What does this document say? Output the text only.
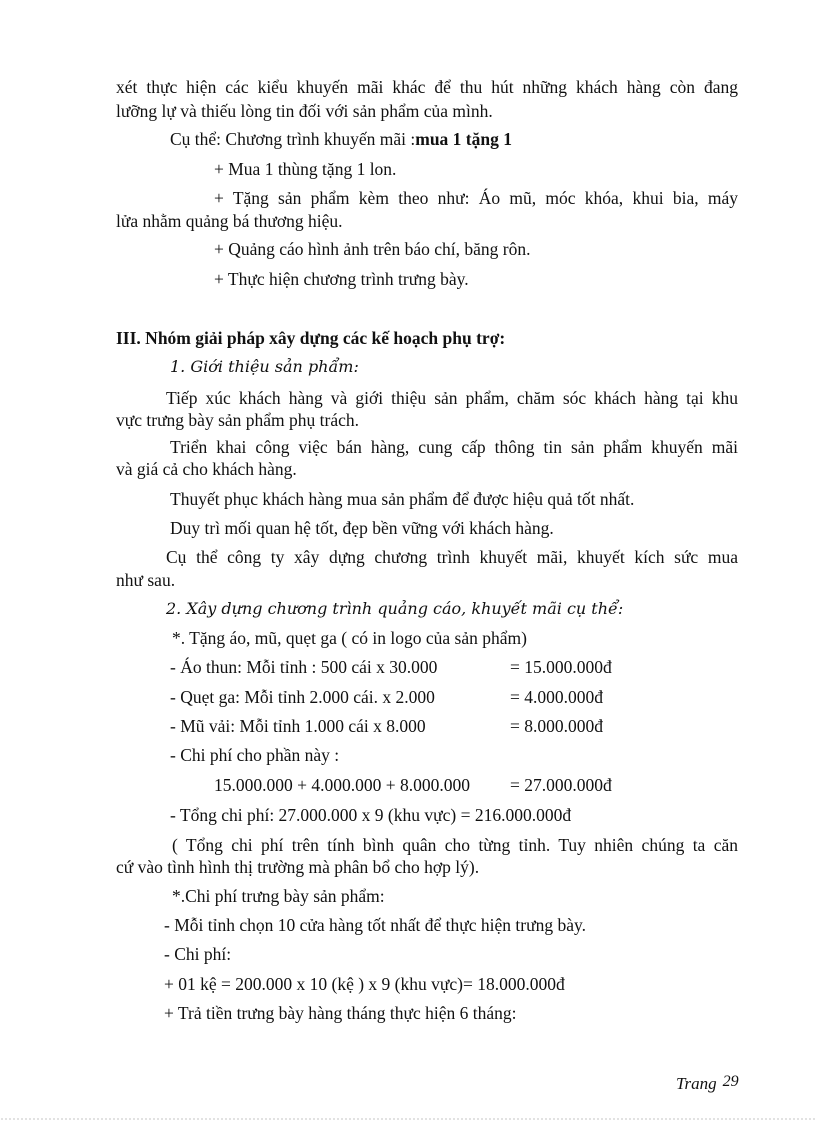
xét thực hiện các kiểu khuyến mãi khác để thu hút những khách hàng còn đang
lưỡng lự và thiếu lòng tin đối với sản phẩm của mình.
Cụ thể: Chương trình khuyến mãi :mua 1 tặng 1
+ Mua 1 thùng tặng 1 lon.
+ Tặng sản phẩm kèm theo như: Áo mũ, móc khóa, khui bia, máy
lửa nhằm quảng bá thương hiệu.
+ Quảng cáo hình ảnh trên báo chí, băng rôn.
+ Thực hiện chương trình trưng bày.
III. Nhóm giải pháp xây dựng các kế hoạch phụ trợ:
1. Giới thiệu sản phẩm:
Tiếp xúc khách hàng và giới thiệu sản phẩm, chăm sóc khách hàng tại khu
vực trưng bày sản phẩm phụ trách.
Triển khai công việc bán hàng, cung cấp thông tin sản phẩm khuyến mãi
và giá cả cho khách hàng.
Thuyết phục khách hàng mua sản phẩm để được hiệu quả tốt nhất.
Duy trì mối quan hệ tốt, đẹp bền vững với khách hàng.
Cụ thể công ty xây dựng chương trình khuyết mãi, khuyết kích sức mua
như sau.
2. Xây dựng chương trình quảng cáo, khuyết mãi cụ thể:
*. Tặng áo, mũ, quẹt ga ( có in logo của sản phẩm)
- Áo thun: Mỗi tỉnh : 500 cái x 30.000	= 15.000.000đ
- Quẹt ga: Mỗi tỉnh 2.000 cái. x 2.000	= 4.000.000đ
- Mũ vải: Mỗi tỉnh 1.000 cái x 8.000	= 8.000.000đ
- Chi phí cho phần này :
15.000.000 + 4.000.000 + 8.000.000 = 27.000.000đ
- Tổng chi phí: 27.000.000 x 9 (khu vực) = 216.000.000đ
( Tổng chi phí trên tính bình quân cho từng tỉnh. Tuy nhiên chúng ta căn
cứ vào tình hình thị trường mà phân bổ cho hợp lý).
*.Chi phí trưng bày sản phẩm:
- Mỗi tỉnh chọn 10 cửa hàng tốt nhất để thực hiện trưng bày.
- Chi phí:
+ 01 kệ = 200.000 x 10 (kệ ) x 9 (khu vực)= 18.000.000đ
+ Trả tiền trưng bày hàng tháng thực hiện 6 tháng:
Trang 29
